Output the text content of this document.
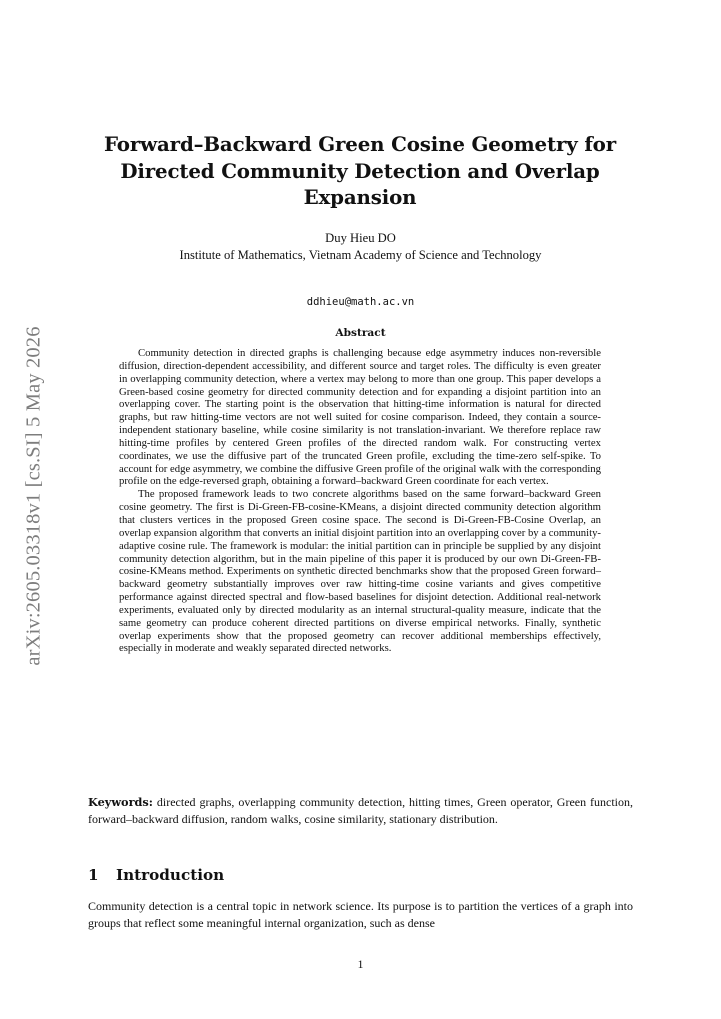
arXiv:2605.03318v1 [cs.SI] 5 May 2026
Forward–Backward Green Cosine Geometry for Directed Community Detection and Overlap Expansion
Duy Hieu DO
Institute of Mathematics, Vietnam Academy of Science and Technology
ddhieu@math.ac.vn
Abstract

Community detection in directed graphs is challenging because edge asymmetry induces non-reversible diffusion, direction-dependent accessibility, and different source and target roles. The difficulty is even greater in overlapping community detection, where a vertex may belong to more than one group. This paper develops a Green-based cosine geometry for directed community detection and for expanding a disjoint partition into an overlapping cover. The starting point is the observation that hitting-time information is natural for directed graphs, but raw hitting-time vectors are not well suited for cosine comparison. Indeed, they contain a source-independent stationary baseline, while cosine similarity is not translation-invariant. We therefore replace raw hitting-time profiles by centered Green profiles of the directed random walk. For constructing vertex coordinates, we use the diffusive part of the truncated Green profile, excluding the time-zero self-spike. To account for edge asymmetry, we combine the diffusive Green profile of the original walk with the corresponding profile on the edge-reversed graph, obtaining a forward–backward Green coordinate for each vertex.

The proposed framework leads to two concrete algorithms based on the same forward–backward Green cosine geometry. The first is Di-Green-FB-cosine-KMeans, a disjoint directed community detection algorithm that clusters vertices in the proposed Green cosine space. The second is Di-Green-FB-Cosine Overlap, an overlap expansion algorithm that converts an initial disjoint partition into an overlapping cover by a community-adaptive cosine rule. The framework is modular: the initial partition can in principle be supplied by any disjoint community detection algorithm, but in the main pipeline of this paper it is produced by our own Di-Green-FB-cosine-KMeans method. Experiments on synthetic directed benchmarks show that the proposed Green forward–backward geometry substantially improves over raw hitting-time cosine variants and gives competitive performance against directed spectral and flow-based baselines for disjoint detection. Additional real-network experiments, evaluated only by directed modularity as an internal structural-quality measure, indicate that the same geometry can produce coherent directed partitions on diverse empirical networks. Finally, synthetic overlap experiments show that the proposed geometry can recover additional memberships effectively, especially in moderate and weakly separated directed networks.

Keywords: directed graphs, overlapping community detection, hitting times, Green operator, Green function, forward–backward diffusion, random walks, cosine similarity, stationary distribution.
1 Introduction
Community detection is a central topic in network science. Its purpose is to partition the vertices of a graph into groups that reflect some meaningful internal organization, such as dense
1
